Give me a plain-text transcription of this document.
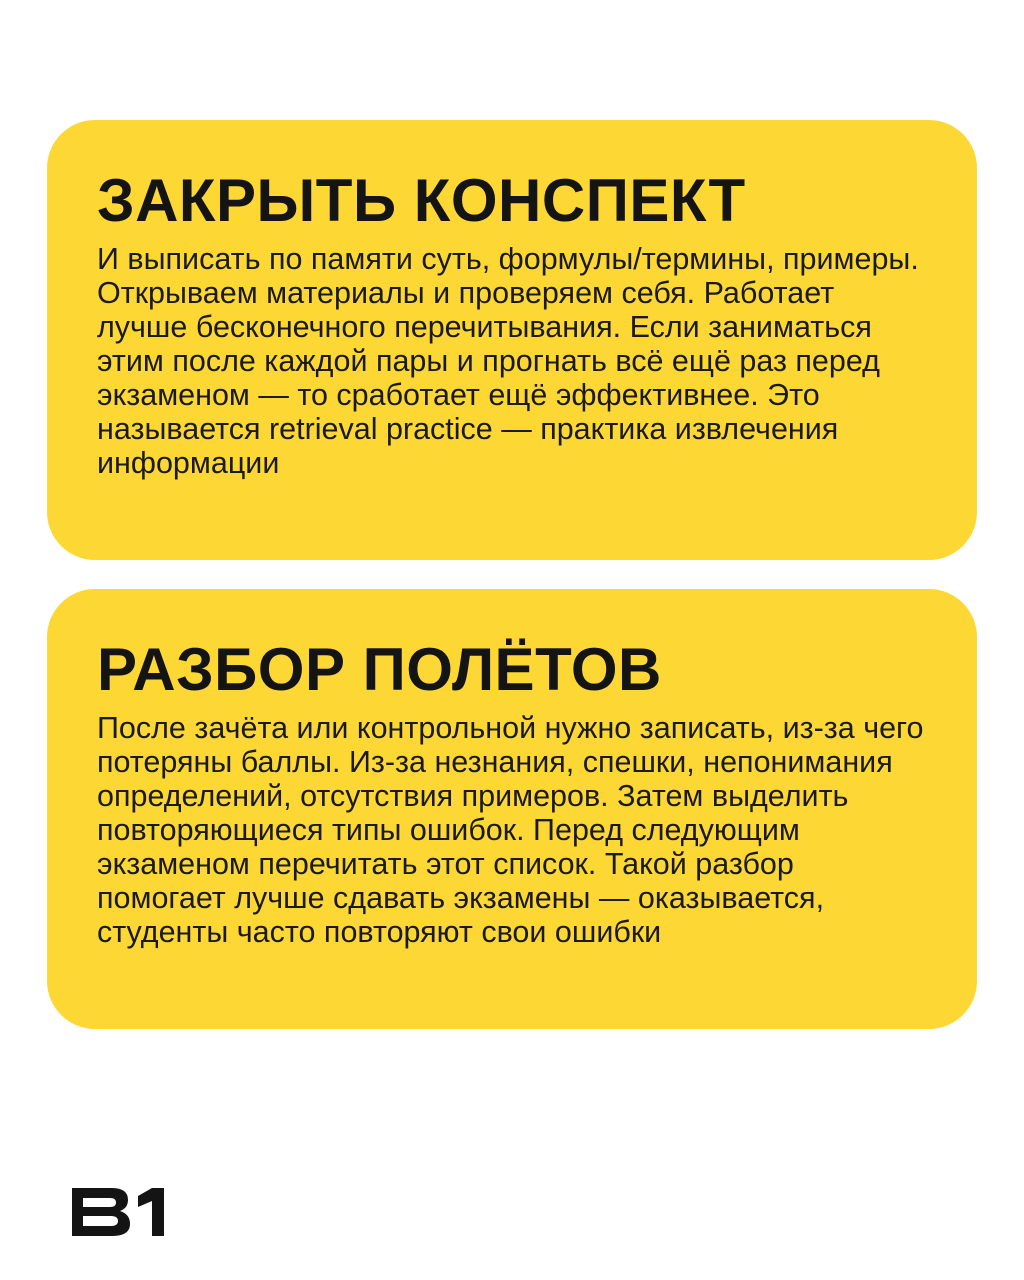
ЗАКРЫТЬ КОНСПЕКТ

И выписать по памяти суть, формулы/термины, примеры. Открываем материалы и проверяем себя. Работает лучше бесконечного перечитывания. Если заниматься этим после каждой пары и прогнать всё ещё раз перед экзаменом — то сработает ещё эффективнее. Это называется retrieval practice — практика извлечения информации

РАЗБОР ПОЛЁТОВ

После зачёта или контрольной нужно записать, из-за чего потеряны баллы. Из-за незнания, спешки, непонимания определений, отсутствия примеров. Затем выделить повторяющиеся типы ошибок. Перед следующим экзаменом перечитать этот список. Такой разбор помогает лучше сдавать экзамены — оказывается, студенты часто повторяют свои ошибки
